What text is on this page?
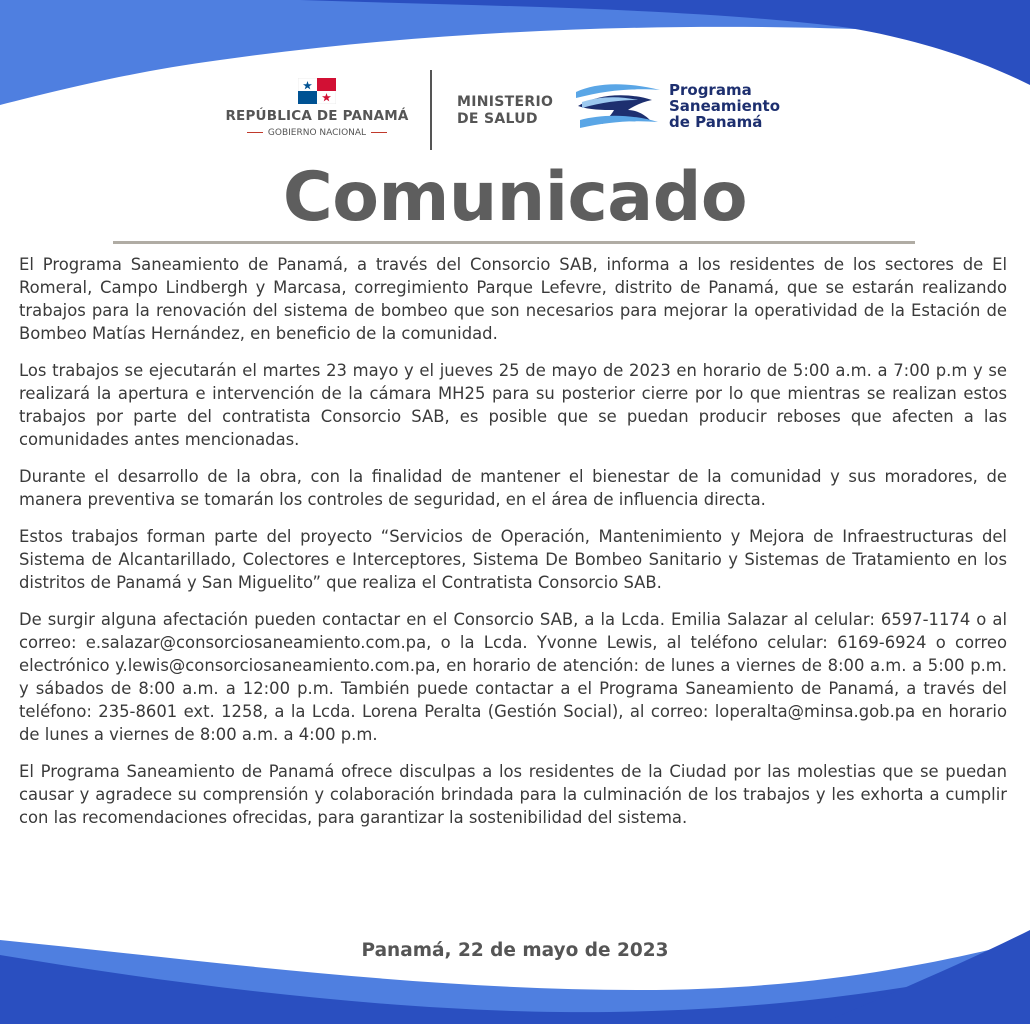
REPÚBLICA DE PANAMÁ
GOBIERNO NACIONAL
MINISTERIO
DE SALUD
Programa
Saneamiento
de Panamá
Comunicado

El Programa Saneamiento de Panamá, a través del Consorcio SAB, informa a los residentes de los sectores de El Romeral, Campo Lindbergh y Marcasa, corregimiento Parque Lefevre, distrito de Panamá, que se estarán realizando trabajos para la renovación del sistema de bombeo que son necesarios para mejorar la operatividad de la Estación de Bombeo Matías Hernández, en beneficio de la comunidad.

Los trabajos se ejecutarán el martes 23 mayo y el jueves 25 de mayo de 2023 en horario de 5:00 a.m. a 7:00 p.m y se realizará la apertura e intervención de la cámara MH25 para su posterior cierre por lo que mientras se realizan estos trabajos por parte del contratista Consorcio SAB, es posible que se puedan producir reboses que afecten a las comunidades antes mencionadas.

Durante el desarrollo de la obra, con la finalidad de mantener el bienestar de la comunidad y sus moradores, de manera preventiva se tomarán los controles de seguridad, en el área de influencia directa.

Estos trabajos forman parte del proyecto “Servicios de Operación, Mantenimiento y Mejora de Infraestructuras del Sistema de Alcantarillado, Colectores e Interceptores, Sistema De Bombeo Sanitario y Sistemas de Tratamiento en los distritos de Panamá y San Miguelito” que realiza el Contratista Consorcio SAB.

De surgir alguna afectación pueden contactar en el Consorcio SAB, a la Lcda. Emilia Salazar al celular: 6597-1174 o al correo: e.salazar@consorciosaneamiento.com.pa, o la Lcda. Yvonne Lewis, al teléfono celular: 6169-6924 o correo electrónico y.lewis@consorciosaneamiento.com.pa, en horario de atención: de lunes a viernes de 8:00 a.m. a 5:00 p.m. y sábados de 8:00 a.m. a 12:00 p.m. También puede contactar a el Programa Saneamiento de Panamá, a través del teléfono: 235-8601 ext. 1258, a la Lcda. Lorena Peralta (Gestión Social), al correo: loperalta@minsa.gob.pa en horario de lunes a viernes de 8:00 a.m. a 4:00 p.m.

El Programa Saneamiento de Panamá ofrece disculpas a los residentes de la Ciudad por las molestias que se puedan causar y agradece su comprensión y colaboración brindada para la culminación de los trabajos y les exhorta a cumplir con las recomendaciones ofrecidas, para garantizar la sostenibilidad del sistema.

Panamá, 22 de mayo de 2023
